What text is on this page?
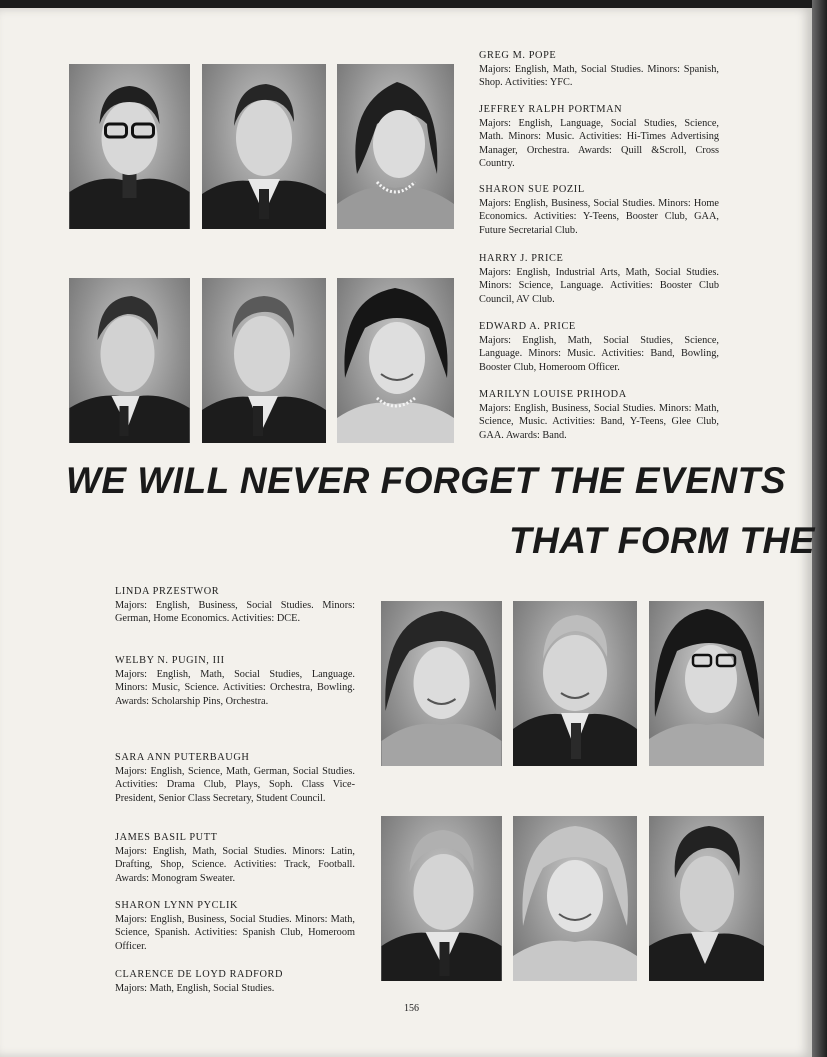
GREG M. POPE
Majors: English, Math, Social Studies. Minors: Spanish, Shop. Activities: YFC.
JEFFREY RALPH PORTMAN
Majors: English, Language, Social Studies, Science, Math. Minors: Music. Activities: Hi-Times Advertising Manager, Orchestra. Awards: Quill &Scroll, Cross Country.
SHARON SUE POZIL
Majors: English, Business, Social Studies. Minors: Home Economics. Activities: Y-Teens, Booster Club, GAA, Future Secretarial Club.
HARRY J. PRICE
Majors: English, Industrial Arts, Math, Social Studies. Minors: Science, Language. Activities: Booster Club Council, AV Club.
EDWARD A. PRICE
Majors: English, Math, Social Studies, Science, Language. Minors: Music. Activities: Band, Bowling, Booster Club, Homeroom Officer.
MARILYN LOUISE PRIHODA
Majors: English, Business, Social Studies. Minors: Math, Science, Music. Activities: Band, Y-Teens, Glee Club, GAA. Awards: Band.
WE WILL NEVER FORGET THE EVENTS
THAT FORM THE
LINDA PRZESTWOR
Majors: English, Business, Social Studies. Minors: German, Home Economics. Activities: DCE.
WELBY N. PUGIN, III
Majors: English, Math, Social Studies, Language. Minors: Music, Science. Activities: Orchestra, Bowling. Awards: Scholarship Pins, Orchestra.
SARA ANN PUTERBAUGH
Majors: English, Science, Math, German, Social Studies. Activities: Drama Club, Plays, Soph. Class Vice-President, Senior Class Secretary, Student Council.
JAMES BASIL PUTT
Majors: English, Math, Social Studies. Minors: Latin, Drafting, Shop, Science. Activities: Track, Football. Awards: Monogram Sweater.
SHARON LYNN PYCLIK
Majors: English, Business, Social Studies. Minors: Math, Science, Spanish. Activities: Spanish Club, Homeroom Officer.
CLARENCE DE LOYD RADFORD
Majors: Math, English, Social Studies.
156
